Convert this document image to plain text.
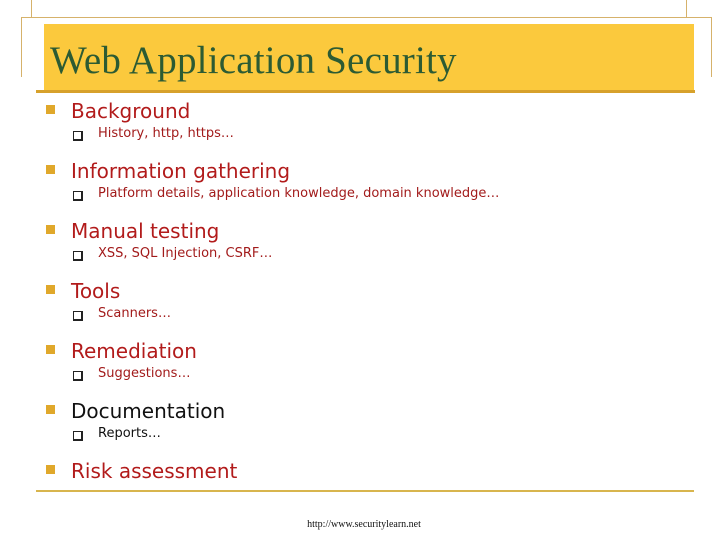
Web Application Security
Background
History, http, https…
Information gathering
Platform details, application knowledge, domain knowledge…
Manual testing
XSS, SQL Injection, CSRF…
Tools
Scanners…
Remediation
Suggestions…
Documentation
Reports…
Risk assessment
http://www.securitylearn.net
